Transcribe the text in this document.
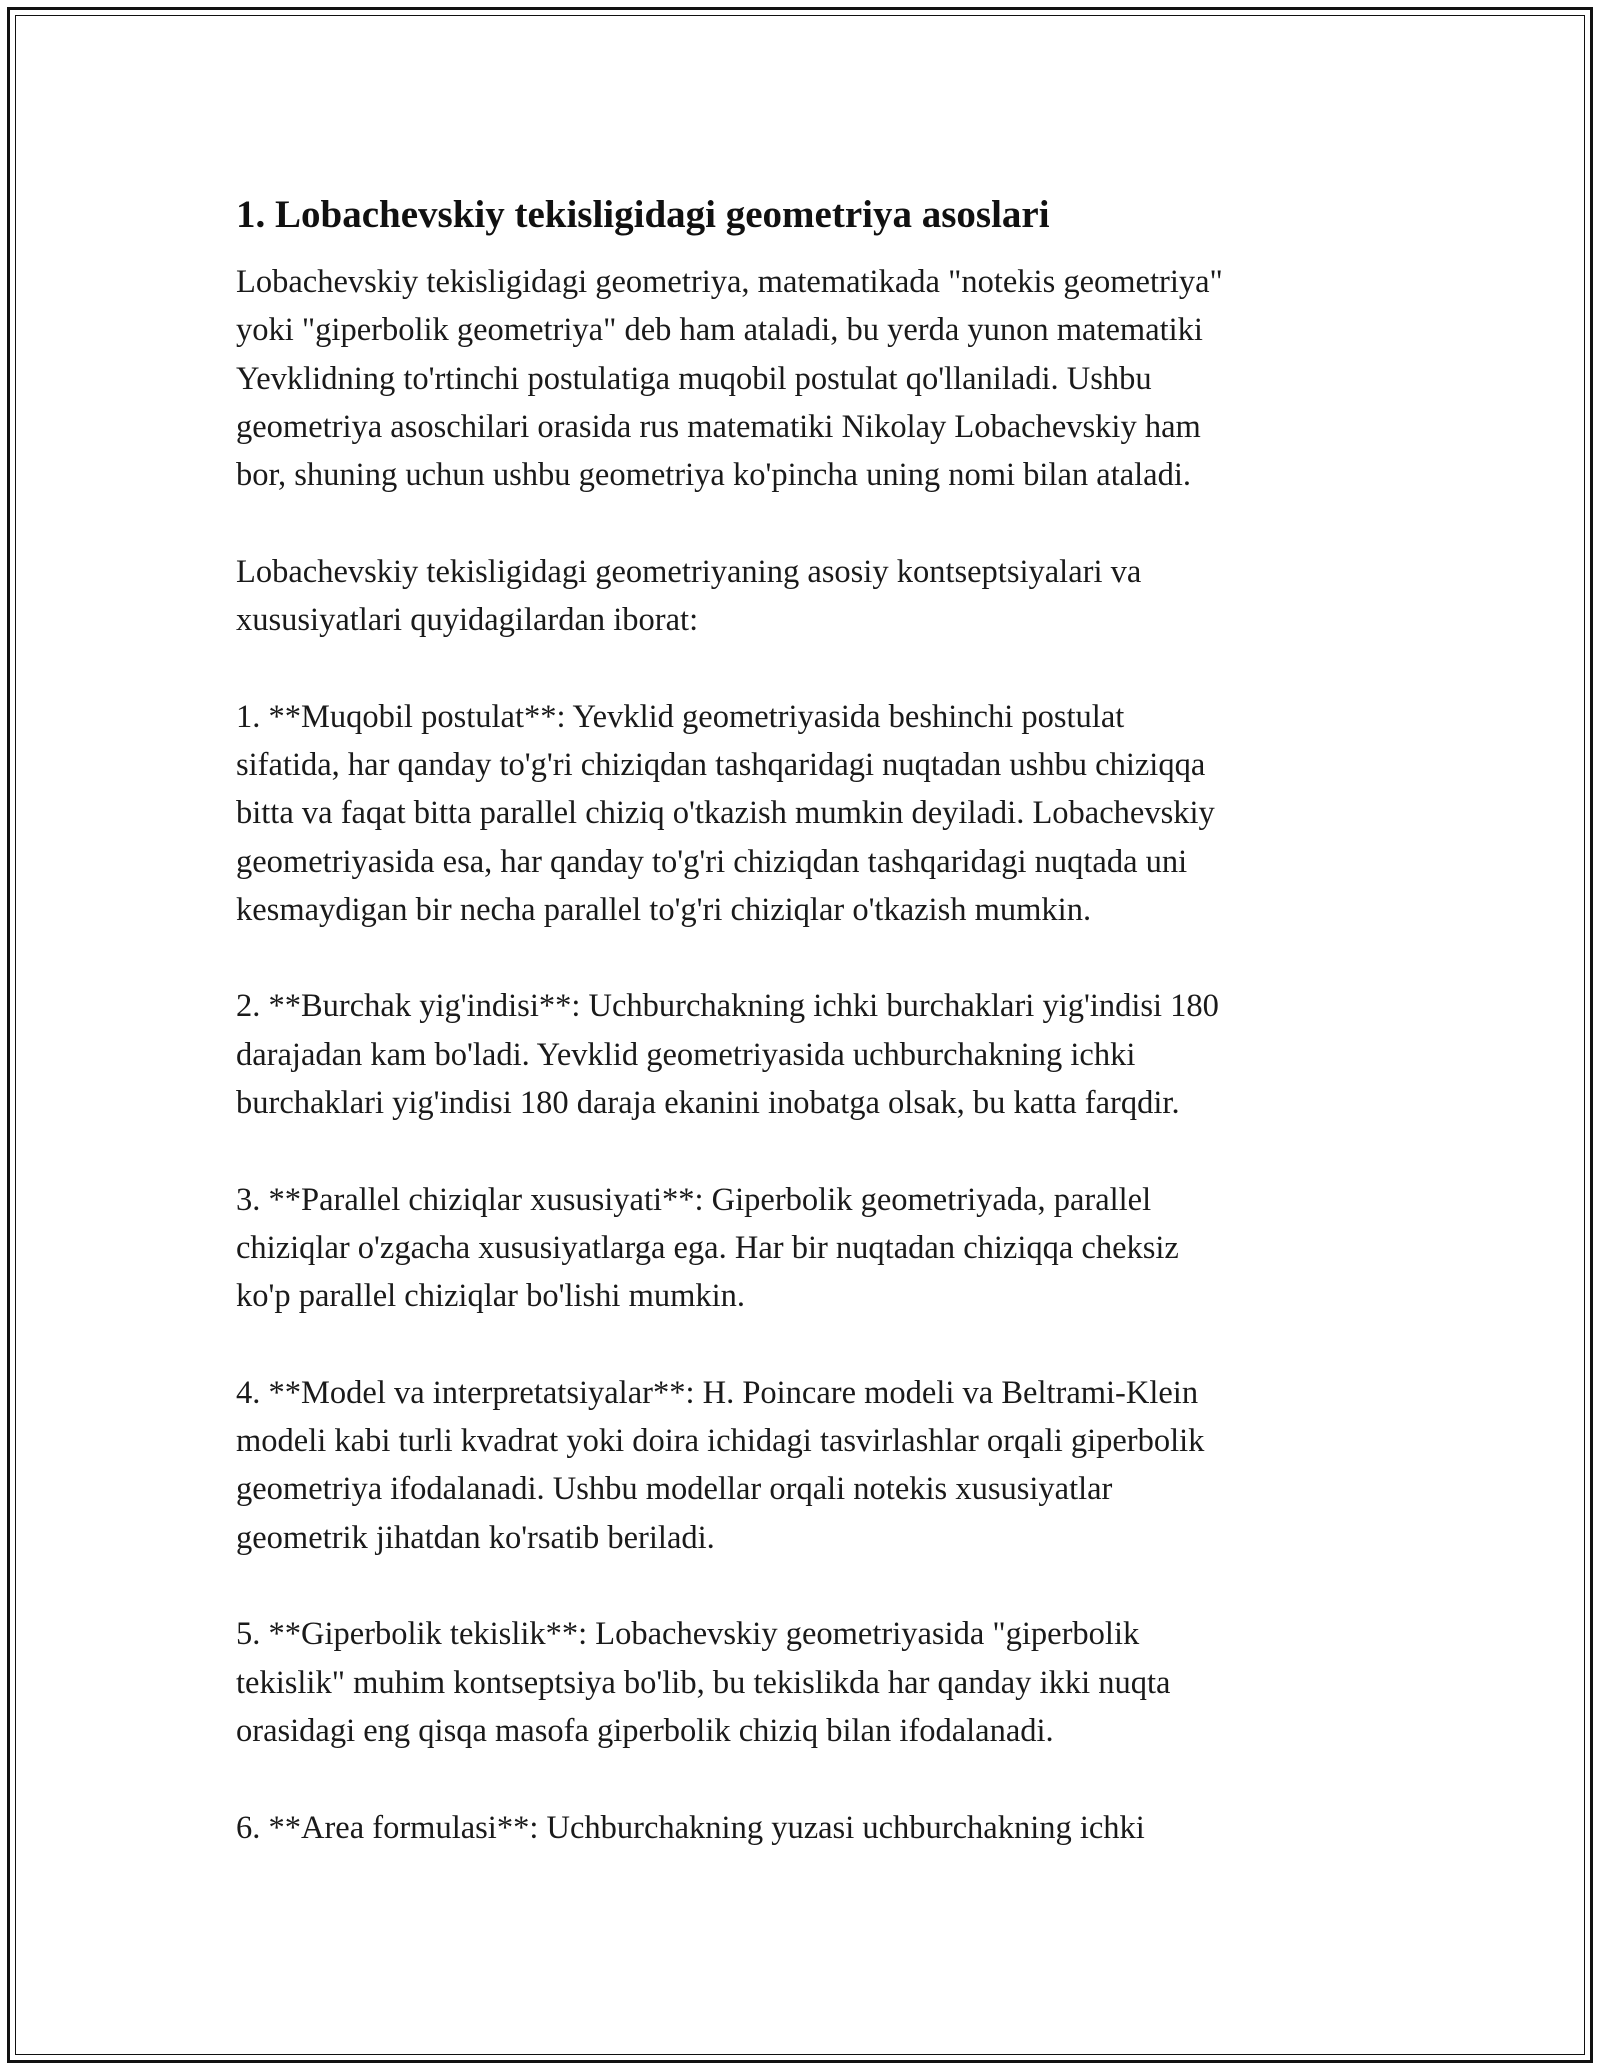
1. Lobachevskiy tekisligidagi geometriya asoslari

Lobachevskiy tekisligidagi geometriya, matematikada "notekis geometriya"
yoki "giperbolik geometriya" deb ham ataladi, bu yerda yunon matematiki
Yevklidning to'rtinchi postulatiga muqobil postulat qo'llaniladi. Ushbu
geometriya asoschilari orasida rus matematiki Nikolay Lobachevskiy ham
bor, shuning uchun ushbu geometriya ko'pincha uning nomi bilan ataladi.

Lobachevskiy tekisligidagi geometriyaning asosiy kontseptsiyalari va
xususiyatlari quyidagilardan iborat:

1. **Muqobil postulat**: Yevklid geometriyasida beshinchi postulat
sifatida, har qanday to'g'ri chiziqdan tashqaridagi nuqtadan ushbu chiziqqa
bitta va faqat bitta parallel chiziq o'tkazish mumkin deyiladi. Lobachevskiy
geometriyasida esa, har qanday to'g'ri chiziqdan tashqaridagi nuqtada uni
kesmaydigan bir necha parallel to'g'ri chiziqlar o'tkazish mumkin.

2. **Burchak yig'indisi**: Uchburchakning ichki burchaklari yig'indisi 180
darajadan kam bo'ladi. Yevklid geometriyasida uchburchakning ichki
burchaklari yig'indisi 180 daraja ekanini inobatga olsak, bu katta farqdir.

3. **Parallel chiziqlar xususiyati**: Giperbolik geometriyada, parallel
chiziqlar o'zgacha xususiyatlarga ega. Har bir nuqtadan chiziqqa cheksiz
ko'p parallel chiziqlar bo'lishi mumkin.

4. **Model va interpretatsiyalar**: H. Poincare modeli va Beltrami-Klein
modeli kabi turli kvadrat yoki doira ichidagi tasvirlashlar orqali giperbolik
geometriya ifodalanadi. Ushbu modellar orqali notekis xususiyatlar
geometrik jihatdan ko'rsatib beriladi.

5. **Giperbolik tekislik**: Lobachevskiy geometriyasida "giperbolik
tekislik" muhim kontseptsiya bo'lib, bu tekislikda har qanday ikki nuqta
orasidagi eng qisqa masofa giperbolik chiziq bilan ifodalanadi.

6. **Area formulasi**: Uchburchakning yuzasi uchburchakning ichki
